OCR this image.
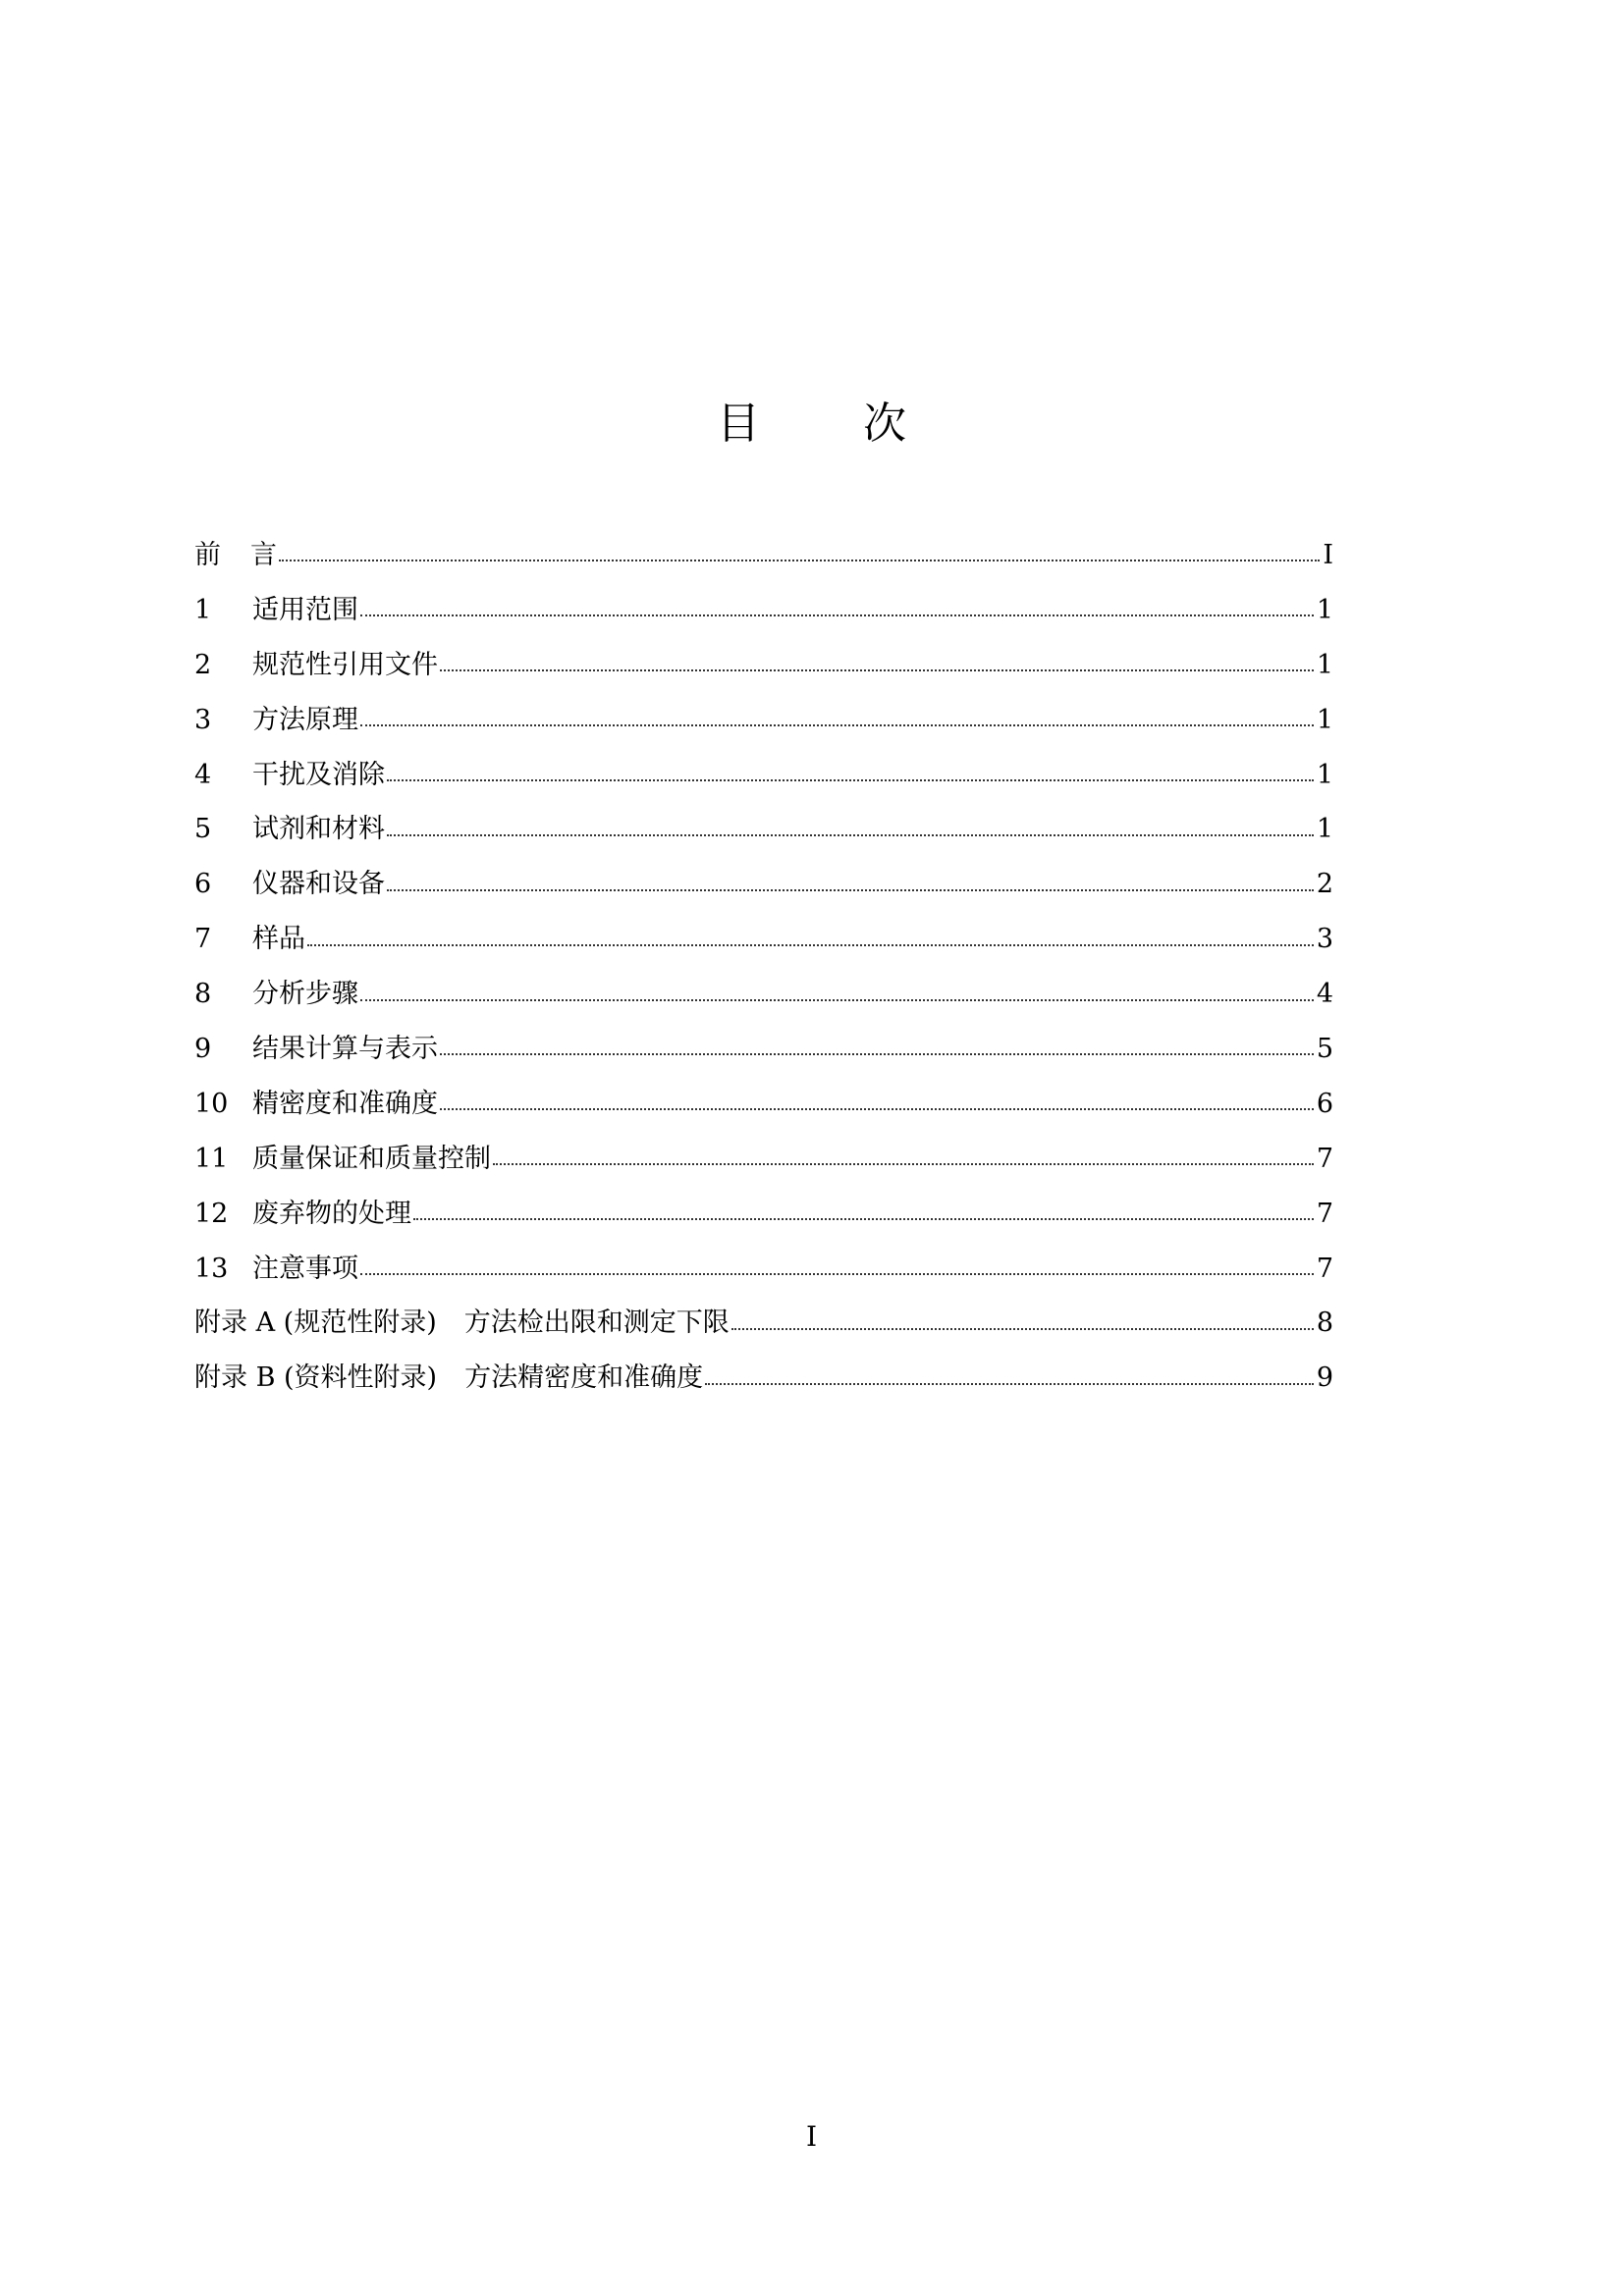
目 次
前 言	I
1	适用范围	1
2	规范性引用文件	1
3	方法原理	1
4	干扰及消除	1
5	试剂和材料	1
6	仪器和设备	2
7	样品	3
8	分析步骤	4
9	结果计算与表示	5
10 精密度和准确度	6
11 质量保证和质量控制	7
12 废弃物的处理	7
13 注意事项	7
附录 A (规范性附录) 方法检出限和测定下限	8
附录 B (资料性附录) 方法精密度和准确度	9
I
